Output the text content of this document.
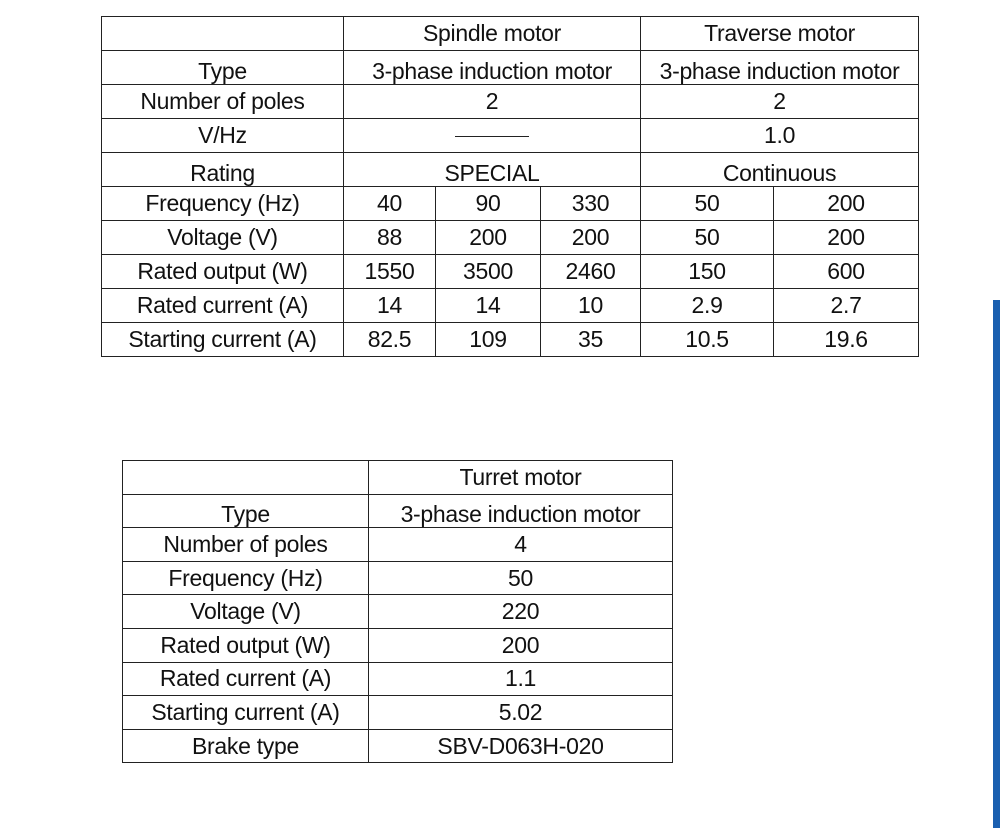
	Spindle motor			Traverse motor	
Type	3-phase induction motor			3-phase induction motor	
Number of poles	2			2	
V/Hz				1.0	
Rating	SPECIAL			Continuous	
Frequency (Hz)	40	90	330	50	200
Voltage (V)	88	200	200	50	200
Rated output (W)	1550	3500	2460	150	600
Rated current (A)	14	14	10	2.9	2.7
Starting current (A)	82.5	109	35	10.5	19.6
	Turret motor
Type	3-phase induction motor
Number of poles	4
Frequency (Hz)	50
Voltage (V)	220
Rated output (W)	200
Rated current (A)	1.1
Starting current (A)	5.02
Brake type	SBV-D063H-020
